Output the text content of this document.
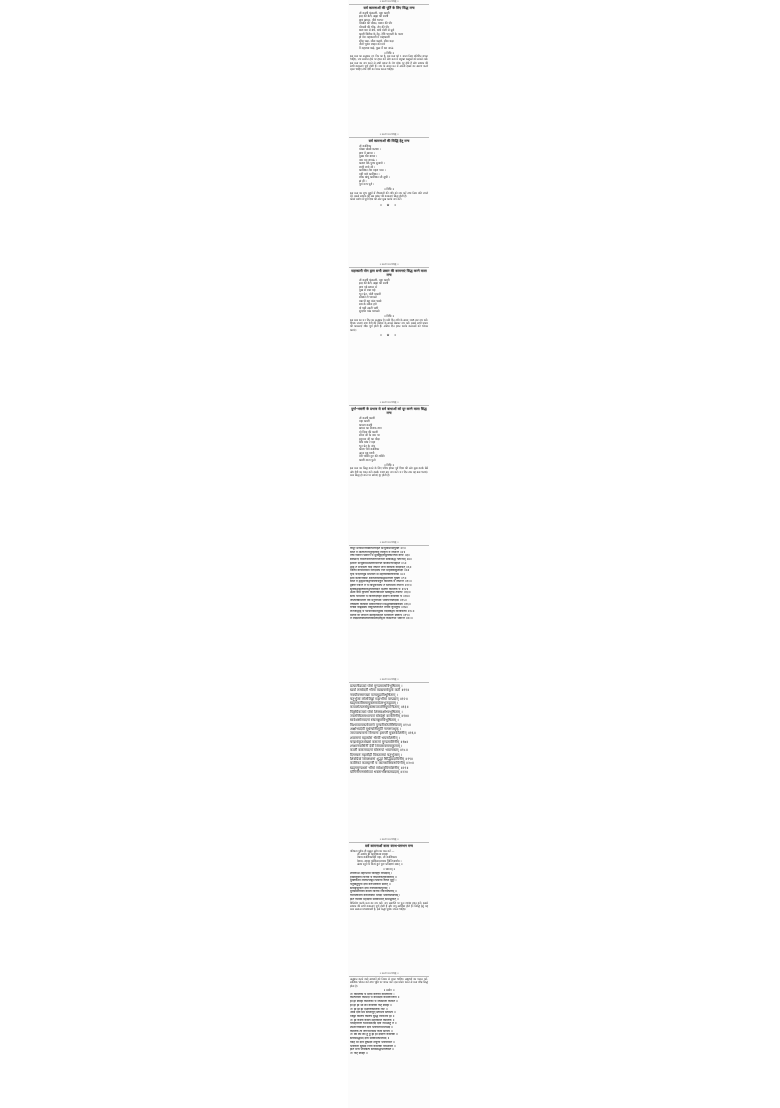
॥ काली मन्त्र सिद्धि ॥
सर्व कामनाओं की पूर्ति के लिए सिद्ध मन्त्र
ॐ काली कंकाली, महा काली
इन्द्र की बेटी, ब्रह्मा की साली
हाथ खप्पर, पीवे भरभर
चौसठि की चौका, बावन की पौर
चौरासी की भीड़, रोग की पीर
बाल बार से बंधे, बांधे मोती से छूटे
काली बिलैया के नेंद्र, देवि भगवती के पारन
हो मेरा महाकाली में माहकाली
सीस चढ़ा, सीस चढ़ावे, सीस चढ़ा
तीनों भुवन लाइन को मारे
मैं महाशय बाढ़े, कुछ मैं बन जाऊं
॥ विधि ॥
इस मन्त्र का अनुष्ठान 21 दिन का है, इस मन्त्र को 1 माला नित्य प्रतिदिन जपना चाहिए, जप समाप्त होने पर हवन करें और मन्त्र में प्रयुक्त वस्तुओं को सामने रखें। इस मन्त्र का जप करने से सभी प्रकार के रोग शोक दूर होते हैं और साधक की सभी कामनाएं पूर्ण होती हैं। जप के समय मन में अपनी इच्छा का स्मरण करते रहना चाहिए तथा देवी का ध्यान करना चाहिए।
॥ काली मन्त्र सिद्धि ॥
सर्व कामनाओं की सिद्धि हेतु मन्त्र
ॐ कालिका
चोखा चोखी कलवा ।
हाथ में खप्पर ।
मुख्य धीर बावन ।
नाम मन लगाऊं ।
कलश बैठे पुण्य सुनावो ।
लागी लगो जी ।
कालिका लेन महल पास ।
महीं पावे कालिका ।
लोक बांधूं कालिका जी सुधी ।
ह्रां ह्रीं ।
पूरा मन्त्र पूरो ।
॥ विधि ॥
इस मन्त्र का शुभ मुहूर्त में दीपावली की रात्रि को जप करें तथा नित्य प्रति जपते रहें, इससे साधक की सब प्रकार की कामनाएं सिद्ध होती हैं।
काम्य प्रयोग में पूर्व दिशा की ओर मुख करके जप करें।
॥ ❀ ॥
॥ काली मन्त्र सिद्धि ॥
महाकाली योग द्वारा सभी प्रकार की कामनाएं सिद्ध करने वाला मन्त्र
ॐ काली कंकाली, महा काली
इन्द्र की बेटी, ब्रह्मा की साली
हाथ पड़े खप्पर से
मुख से रक्त बहे
भूत प्रेत, चोरी चकारी
सबको ले भगाओ
मद्य पी बहु मांस भखो
सब के संकट हरो
दो घड़ी उड़ती चली
सुदर्शन चक्र चलाओ
॥ विधि ॥
इस मन्त्र का 21 दिन का अनुष्ठान है। प्रति दिन रात्रि के समय 108 बार जप करें। दीपक जलाएं तथा देवी की प्रतिमा के सामने बैठकर जप करें। इससे सभी प्रकार की कामनाएं शीघ्र पूर्ण होती हैं। अंतिम दिन हवन करके कन्याओं को भोजन कराएं।
॥ ❀ ॥
॥ काली मन्त्र सिद्धि ॥
दुर्गा-भवानी के प्रभाव से सर्व बाधाओं को दूर करने वाला सिद्ध मन्त्र
ॐ काली काली
महा काली
कपाल काली
खप्पर का तिलक लगा
मो दिव्य की काली
सीता जी के नाम पर
हनुमान जी का चौड़ा
बांध बांध रे महा
भूत प्रेत के तांत्र
काला भैरों कालिका
आज यह वाणी
मेरी भक्ति गुरु की शक्ति
काली माता फुरो
॥ विधि ॥
इस मन्त्र का सिद्ध करने के लिए पवित्र होकर पूर्व दिशा की ओर मुख करके बैठें और देवी का ध्यान करें। इसके 108 बार जप करें। 21 दिन तक यह क्रम चलाएं। मन्त्र सिद्ध हो जाने पर बाधाएं दूर होती हैं।
॥ काली मन्त्र सिद्धि ॥
कर्पूरं मध्यमान्त्यस्वरपररहितं सेन्दुवामाक्षियुक्तं ॥१॥
बीजं ते मातरेतत्त्रिपुरहरवधु त्रिःकृतं ये जपन्ति ॥२॥
तेषां गद्यानि पद्यानि च मुखकुहरादुल्लसन्त्येव वाचः ॥३॥
स्वच्छन्दं ध्वान्तधाराधररुचिरुचिरे सर्वसिद्धिं गतानाम् ॥४॥
ईशानः सेन्दुवाममश्रवणपरिगतं बीजमन्यन्महेशि ॥५॥
द्वन्द्वं ते मन्दचेता यदि जपति जनो वारमेकं कदाचित् ॥६॥
जित्वा वाचामधीशं धनदमपि चिरं मोहयन्नम्बुजाक्षी ॥७॥
वृन्दं चन्द्रार्धचूडे प्रभवति स महाघोरबालावतंसे ॥८॥
ईशो वैश्वानरस्थः शशधरविलसद्वामनेत्रेण युक्तो ॥९॥
बीजं ते द्वन्द्वमन्यद्विगलितचिकुरे कालिके ये जपन्ति ॥१०॥
द्वेष्टारं घ्नन्ति ते च त्रिभुवनमपि ते वश्यभावं नयन्ति ॥११॥
सृक्कद्वन्द्वास्रधाराद्वयधरवदने दक्षिणे कालिके च ॥१२॥
ऊर्ध्वं वामे कृपाणं करतलकमले छिन्नमुण्डं तथाधः ॥१३॥
सव्ये चाभीर्वरं च त्रिजगदघहरे दक्षिणे कालिके च ॥१४॥
जप्त्वैतन्नामवर्णं तव मनुविभवं भावयन्त्येतदम्ब ॥१५॥
तेषामष्टौ करस्थाः प्रकटितवदने सिद्धयस्त्र्यम्बकस्य ॥१६॥
वर्गाद्यं वह्निसंस्थं विधुरतिललितं तत्त्रयं कूर्चयुग्मं ॥१७॥
लज्जाद्वन्द्वं च पश्चात्स्मितमुखि तदधष्ठद्वयं योजयित्वा ॥१८॥
मातर्ये वा जपन्ति स्मरहरमहिले भावयन्तः स्वरूपं ॥१९॥
ते लक्ष्मीलास्यलीलाकमलदलदृशः कामरूपा भवन्ति ॥२०॥
॥ काली मन्त्र सिद्धि ॥
प्रत्यालीढपदां घोरां मुण्डमालाविभूषिताम् ।
खर्वां लम्बोदरीं भीमां व्याघ्रचर्मावृतां कटौ ॥११॥
नवयौवनसम्पन्नां पञ्चमुद्राविभूषिताम् ।
चतुर्भुजां लोलजिह्वां महाभीमां वरप्रदाम् ॥१२॥
खड्गकर्त्रीसमायुक्तसव्येतरभुजद्वयाम् ।
कपालोत्पलसंयुक्तसव्यपाणियुगान्विताम् ॥१३॥
पिङ्गोग्रैकजटां घोरां शिरसाक्षोभ्यभूषिताम् ।
ज्वलच्चितामध्यगतां घोरदंष्ट्रां करालिनीम् ॥१४॥
सावेशस्मेरवदनां स्त्र्यलङ्कारविभूषिताम् ।
विश्वव्यापकतोयान्ते पुण्डरीकोपरिस्थिताम् ॥१५॥
अक्षोभ्यदेवीं मूर्धन्यस्त्रिमूर्तिं नागरूपधृक् ।
जाज्वल्यमानां त्रिनयनां हसन्तीं मुक्तकेशिनीम् ॥१६॥
शवासनां महाघोरां भैरवीं भयनाशिनीम् ।
चन्द्रार्धकृतशेखरां करालां मुण्डमालिनीम् ॥१७॥
श्मशानवासिनीं देवीं शिवारावसमाकुलाम् ।
कालीं करालवदनां घोररूपां भयानकाम् ॥१८॥
दिगम्बरां महारौद्रीं विकटास्यां चतुर्भुजाम् ।
शिवप्रियां शिवस्थानां शुद्धां सिद्धिप्रदायिनीम् ॥१९॥
कालिकां कालहन्त्रीं च कालरात्रिस्वरूपिणीम् ॥२०॥
खड्गमुण्डधरां भीमां सर्वशत्रुविनाशिनीम् ॥२१॥
योगिनीगणसंसेव्यां भक्ताभीष्टफलप्रदाम् ॥२२॥
॥ काली मन्त्र सिद्धि ॥
सर्व कामनाओं वाला स्तन्ध-स्तम्भन मन्त्र
पवित्रता पूर्वक ही प्रस्तुत स्तोत्र का पाठ करें —
ॐ अवाय ह्रीं कालिकाय स्वाहा
नेत्राय कालिकायैहीं महा, ॐ कालिकाय
देवाय, स्वाहा कोटिसमप्रभाय चिन्तितार्थाय ।
अस्य स्तुते ये नित्यं हुतं पुनः प्रतिक्षणं स्यात् ॥
॥ ध्यानम् ॥
शवारूढां महाभीमां घोरदंष्ट्रां वरप्रदाम् ।
हास्ययुक्तां त्रिनेत्रां च कपालकर्तृकाकराम् ॥
मुक्तकेशीं ललज्जिह्वां पिबन्तीं रुधिरं मुहुः ।
चतुर्बाहुयुतां देवीं वराभयकरां स्मरेत् ॥
सर्वाङ्गसुन्दरीं देवीं नवयौवनसंयुताम् ।
मुण्डमालाधरां कालीं त्रिनेत्रां ध्यानतत्पराम् ॥
ध्यायेत्कालीं करालास्यां भयदां भक्तवत्सलाम् ।
इति ध्यात्वा महादेवीं सर्वकामान् समाप्नुयात् ॥
विनियोग करके मन्त्र का जप करें। जप समाप्ति पर पुनः दशांश हवन करें। इससे साधक की सभी कामनाएं पूर्ण होती हैं और शत्रु स्तम्भित होते हैं। सिद्धि हेतु यह मन्त्र अत्यन्त प्रभावशाली है, इसे श्रद्धा पूर्वक जपना चाहिए।
॥ काली मन्त्र सिद्धि ॥
अनुष्ठान करने वाले साधकों को नियम से रहना चाहिए। ब्रह्मचर्य का पालन करें, सात्विक भोजन करें तथा भूमि पर शयन करें। इस प्रकार करने से मन्त्र शीघ्र सिद्ध होता है।
॥ प्रयोग ॥
ॐ कालिका च माया करुणा कालरात्रिः ।
कात्यायनी कामदा च कामाक्षी कामरूपिणी ॥
ह्रीं ह्रीं स्वाहा कालिका च जपमाला करोति ॥
ह्रीं ह्रीं ह्रीं श्रीं क्रीं कालिके फट् स्वाहा ॥
ॐ ह्रीं ह्रीं ह्रीं दक्षिणकालिके नमः ॥
अम्बे देवि मम सर्वशत्रून् स्तम्भय स्तम्भय ॥
जिह्वां कीलय कीलय बुद्धिं विनाशय ह्रीं ॥
ॐ ह्रीं काली कालि महाकालि कालिके ॥
पापहारिणि धर्मार्थमोक्षदे देवि नमोऽस्तु ते ॥
श्मशानवासिनि देवि भक्तानामभयप्रदे ॥
कालिके त्वं जगन्मातर्मम कार्यं साधय ॥
ॐ क्रीं क्रीं क्रीं हूं हूं ह्रीं ह्रीं दक्षिणे कालिके ॥
सर्वसिद्धिप्रदे देवि सर्वकामफलप्रदे ॥
त्राहि मां देवि दुष्प्रेक्ष्ये शत्रूणां भयवर्धिनि ॥
भक्तानां सुखदे नित्यं कालिके परमेश्वरि ॥
इति मन्त्रं जपेन्नित्यं सर्वसिद्धिर्भविष्यति ॥
ॐ फट् स्वाहा ॥
